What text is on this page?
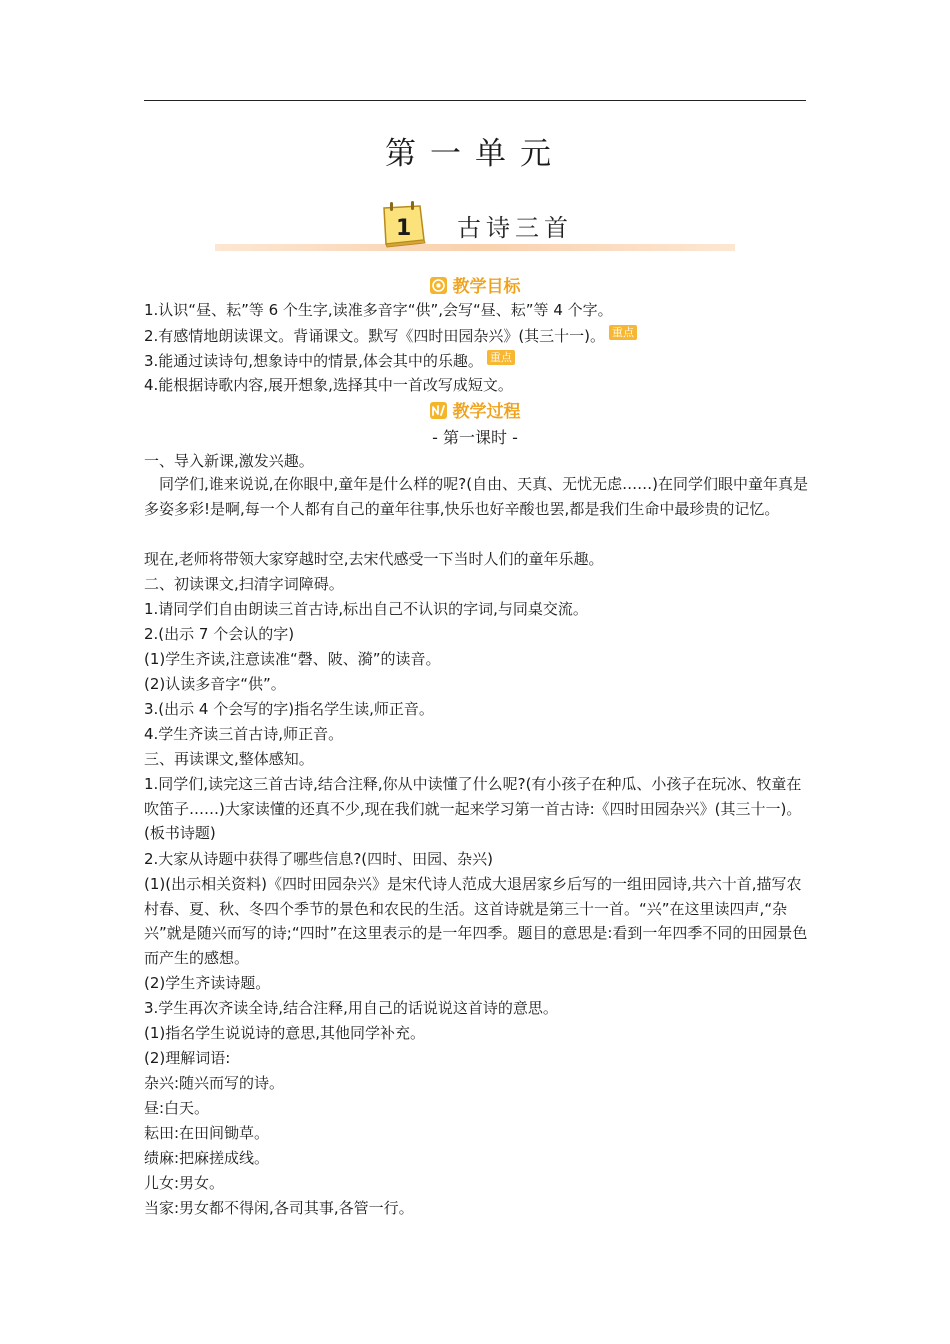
第一单元
1 古诗三首
教学目标
1.认识“昼、耘”等 6 个生字,读准多音字“供”,会写“昼、耘”等 4 个字。
2.有感情地朗读课文。背诵课文。默写《四时田园杂兴》(其三十一)。 重点
3.能通过读诗句,想象诗中的情景,体会其中的乐趣。 重点
4.能根据诗歌内容,展开想象,选择其中一首改写成短文。
教学过程
- 第一课时 -
一、导入新课,激发兴趣。
同学们,谁来说说,在你眼中,童年是什么样的呢?(自由、天真、无忧无虑……)在同学们眼中童年真是多姿多彩!是啊,每一个人都有自己的童年往事,快乐也好辛酸也罢,都是我们生命中最珍贵的记忆。
现在,老师将带领大家穿越时空,去宋代感受一下当时人们的童年乐趣。
二、初读课文,扫清字词障碍。
1.请同学们自由朗读三首古诗,标出自己不认识的字词,与同桌交流。
2.(出示 7 个会认的字)
(1)学生齐读,注意读准“磬、陂、漪”的读音。
(2)认读多音字“供”。
3.(出示 4 个会写的字)指名学生读,师正音。
4.学生齐读三首古诗,师正音。
三、再读课文,整体感知。
1.同学们,读完这三首古诗,结合注释,你从中读懂了什么呢?(有小孩子在种瓜、小孩子在玩冰、牧童在吹笛子……)大家读懂的还真不少,现在我们就一起来学习第一首古诗:《四时田园杂兴》(其三十一)。(板书诗题)
2.大家从诗题中获得了哪些信息?(四时、田园、杂兴)
(1)(出示相关资料)《四时田园杂兴》是宋代诗人范成大退居家乡后写的一组田园诗,共六十首,描写农村春、夏、秋、冬四个季节的景色和农民的生活。这首诗就是第三十一首。“兴”在这里读四声,“杂兴”就是随兴而写的诗;“四时”在这里表示的是一年四季。题目的意思是:看到一年四季不同的田园景色而产生的感想。
(2)学生齐读诗题。
3.学生再次齐读全诗,结合注释,用自己的话说说这首诗的意思。
(1)指名学生说说诗的意思,其他同学补充。
(2)理解词语:
杂兴:随兴而写的诗。
昼:白天。
耘田:在田间锄草。
绩麻:把麻搓成线。
儿女:男女。
当家:男女都不得闲,各司其事,各管一行。
